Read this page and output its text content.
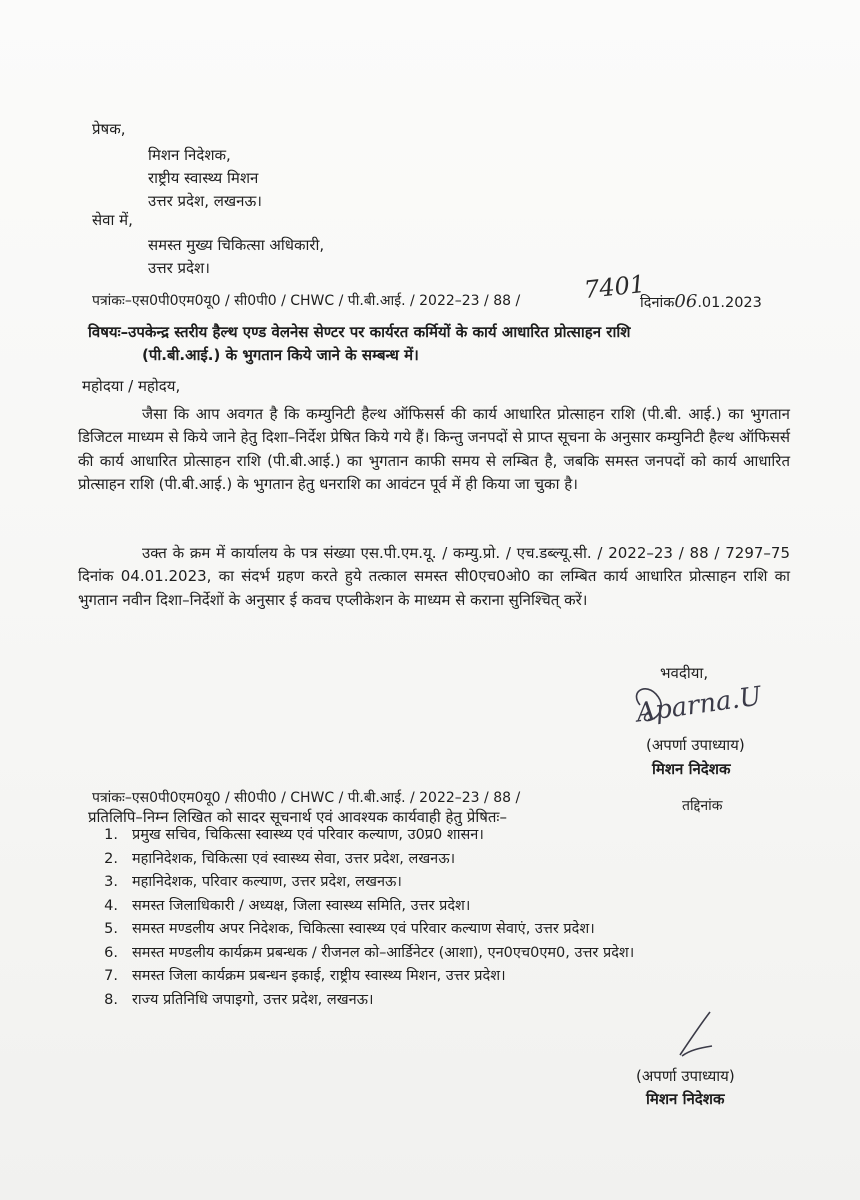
प्रेषक,
मिशन निदेशक,
राष्ट्रीय स्वास्थ्य मिशन
उत्तर प्रदेश, लखनऊ।
सेवा में,
समस्त मुख्य चिकित्सा अधिकारी,
उत्तर प्रदेश।
पत्रांकः–एस0पी0एम0यू0 / सी0पी0 / CHWC / पी.बी.आई. / 2022–23 / 88 /	7401
दिनांक06.01.2023
विषयः–उपकेन्द्र स्तरीय हैल्थ एण्ड वेलनेस सेण्टर पर कार्यरत कर्मियों के कार्य आधारित प्रोत्साहन राशि
(पी.बी.आई.) के भुगतान किये जाने के सम्बन्ध में।
महोदया / महोदय,
जैसा कि आप अवगत है कि कम्युनिटी हैल्थ ऑफिसर्स की कार्य आधारित प्रोत्साहन राशि (पी.बी. आई.) का भुगतान डिजिटल माध्यम से किये जाने हेतु दिशा–निर्देश प्रेषित किये गये हैं। किन्तु जनपदों से प्राप्त सूचना के अनुसार कम्युनिटी हैल्थ ऑफिसर्स की कार्य आधारित प्रोत्साहन राशि (पी.बी.आई.) का भुगतान काफी समय से लम्बित है, जबकि समस्त जनपदों को कार्य आधारित प्रोत्साहन राशि (पी.बी.आई.) के भुगतान हेतु धनराशि का आवंटन पूर्व में ही किया जा चुका है।
उक्त के क्रम में कार्यालय के पत्र संख्या एस.पी.एम.यू. / कम्यु.प्रो. / एच.डब्ल्यू.सी. / 2022–23 / 88 / 7297–75 दिनांक 04.01.2023, का संदर्भ ग्रहण करते हुये तत्काल समस्त सी0एच0ओ0 का लम्बित कार्य आधारित प्रोत्साहन राशि का भुगतान नवीन दिशा–निर्देशों के अनुसार ई कवच एप्लीकेशन के माध्यम से कराना सुनिश्चित् करें।
भवदीया,
Aparna.U
(अपर्णा उपाध्याय)
मिशन निदेशक
पत्रांकः–एस0पी0एम0यू0 / सी0पी0 / CHWC / पी.बी.आई. / 2022–23 / 88 /	तद्दिनांक
प्रतिलिपि–निम्न लिखित को सादर सूचनार्थ एवं आवश्यक कार्यवाही हेतु प्रेषितः–
1. प्रमुख सचिव, चिकित्सा स्वास्थ्य एवं परिवार कल्याण, उ0प्र0 शासन।
2. महानिदेशक, चिकित्सा एवं स्वास्थ्य सेवा, उत्तर प्रदेश, लखनऊ।
3. महानिदेशक, परिवार कल्याण, उत्तर प्रदेश, लखनऊ।
4. समस्त जिलाधिकारी / अध्यक्ष, जिला स्वास्थ्य समिति, उत्तर प्रदेश।
5. समस्त मण्डलीय अपर निदेशक, चिकित्सा स्वास्थ्य एवं परिवार कल्याण सेवाएं, उत्तर प्रदेश।
6. समस्त मण्डलीय कार्यक्रम प्रबन्धक / रीजनल को–आर्डिनेटर (आशा), एन0एच0एम0, उत्तर प्रदेश।
7. समस्त जिला कार्यक्रम प्रबन्धन इकाई, राष्ट्रीय स्वास्थ्य मिशन, उत्तर प्रदेश।
8. राज्य प्रतिनिधि जपाइगो, उत्तर प्रदेश, लखनऊ।
(अपर्णा उपाध्याय)
मिशन निदेशक
